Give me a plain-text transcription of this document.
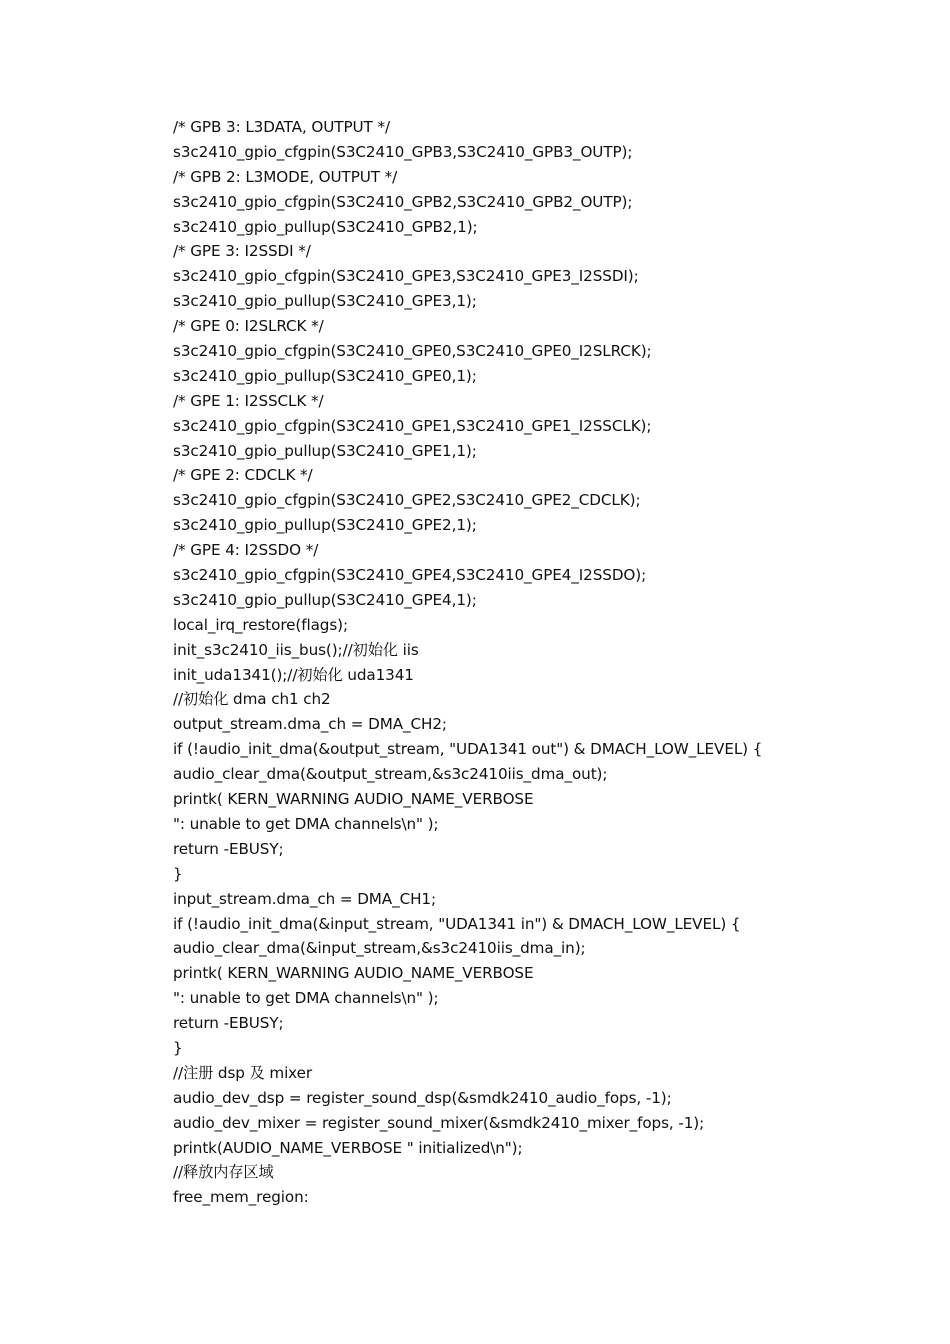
/* GPB 3: L3DATA, OUTPUT */
s3c2410_gpio_cfgpin(S3C2410_GPB3,S3C2410_GPB3_OUTP);
/* GPB 2: L3MODE, OUTPUT */
s3c2410_gpio_cfgpin(S3C2410_GPB2,S3C2410_GPB2_OUTP);
s3c2410_gpio_pullup(S3C2410_GPB2,1);
/* GPE 3: I2SSDI */
s3c2410_gpio_cfgpin(S3C2410_GPE3,S3C2410_GPE3_I2SSDI);
s3c2410_gpio_pullup(S3C2410_GPE3,1);
/* GPE 0: I2SLRCK */
s3c2410_gpio_cfgpin(S3C2410_GPE0,S3C2410_GPE0_I2SLRCK);
s3c2410_gpio_pullup(S3C2410_GPE0,1);
/* GPE 1: I2SSCLK */
s3c2410_gpio_cfgpin(S3C2410_GPE1,S3C2410_GPE1_I2SSCLK);
s3c2410_gpio_pullup(S3C2410_GPE1,1);
/* GPE 2: CDCLK */
s3c2410_gpio_cfgpin(S3C2410_GPE2,S3C2410_GPE2_CDCLK);
s3c2410_gpio_pullup(S3C2410_GPE2,1);
/* GPE 4: I2SSDO */
s3c2410_gpio_cfgpin(S3C2410_GPE4,S3C2410_GPE4_I2SSDO);
s3c2410_gpio_pullup(S3C2410_GPE4,1);
local_irq_restore(flags);
init_s3c2410_iis_bus();//初始化 iis
init_uda1341();//初始化 uda1341
//初始化 dma ch1 ch2
output_stream.dma_ch = DMA_CH2;
if (!audio_init_dma(&output_stream, "UDA1341 out") & DMACH_LOW_LEVEL) {
audio_clear_dma(&output_stream,&s3c2410iis_dma_out);
printk( KERN_WARNING AUDIO_NAME_VERBOSE
": unable to get DMA channels\n" );
return -EBUSY;
}
input_stream.dma_ch = DMA_CH1;
if (!audio_init_dma(&input_stream, "UDA1341 in") & DMACH_LOW_LEVEL) {
audio_clear_dma(&input_stream,&s3c2410iis_dma_in);
printk( KERN_WARNING AUDIO_NAME_VERBOSE
": unable to get DMA channels\n" );
return -EBUSY;
}
//注册 dsp 及 mixer
audio_dev_dsp = register_sound_dsp(&smdk2410_audio_fops, -1);
audio_dev_mixer = register_sound_mixer(&smdk2410_mixer_fops, -1);
printk(AUDIO_NAME_VERBOSE " initialized\n");
//释放内存区域
free_mem_region:
